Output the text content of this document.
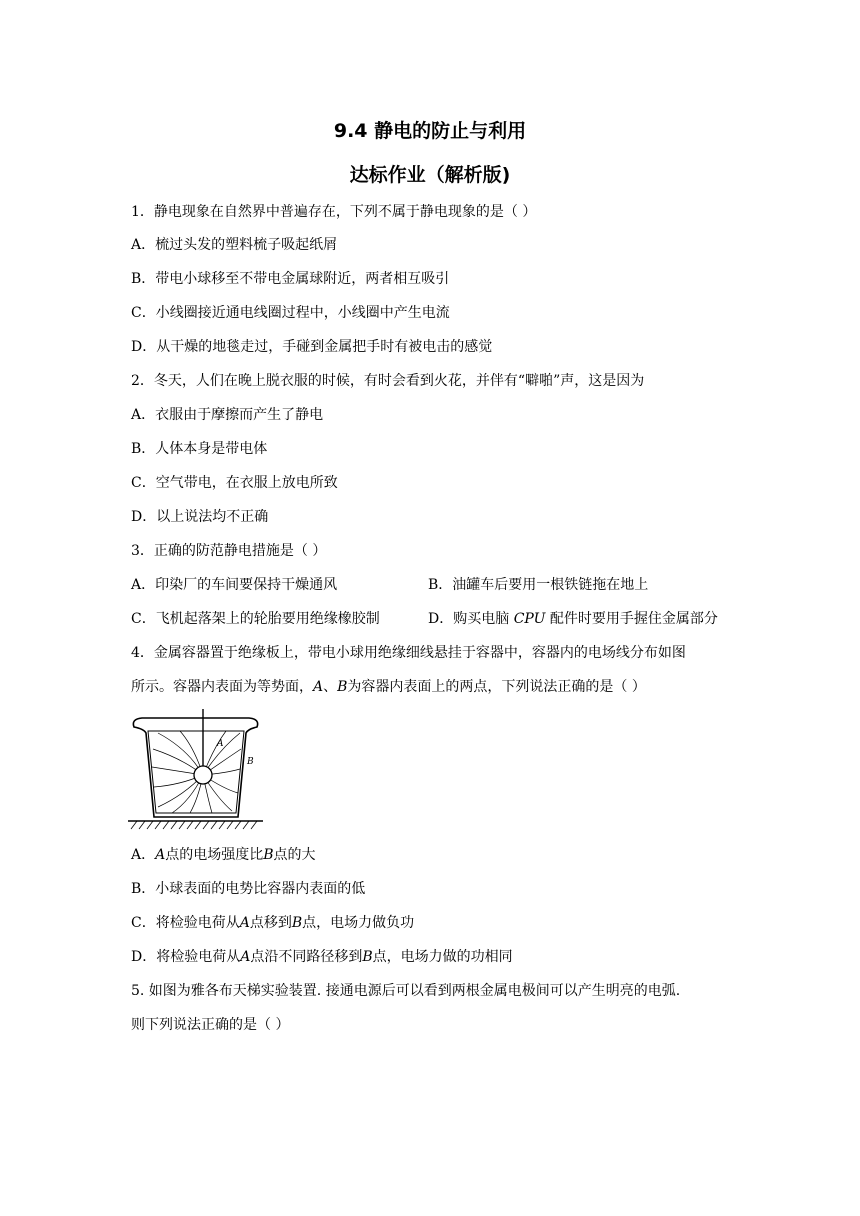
9.4 静电的防止与利用
达标作业（解析版)
1．静电现象在自然界中普遍存在，下列不属于静电现象的是（ ）
A．梳过头发的塑料梳子吸起纸屑
B．带电小球移至不带电金属球附近，两者相互吸引
C．小线圈接近通电线圈过程中，小线圈中产生电流
D．从干燥的地毯走过，手碰到金属把手时有被电击的感觉
2．冬天，人们在晚上脱衣服的时候，有时会看到火花，并伴有“噼啪”声，这是因为
A．衣服由于摩擦而产生了静电
B．人体本身是带电体
C．空气带电，在衣服上放电所致
D．以上说法均不正确
3．正确的防范静电措施是（ ）
A．印染厂的车间要保持干燥通风	B．油罐车后要用一根铁链拖在地上
C．飞机起落架上的轮胎要用绝缘橡胶制	D．购买电脑 CPU 配件时要用手握住金属部分
4．金属容器置于绝缘板上，带电小球用绝缘细线悬挂于容器中，容器内的电场线分布如图
所示。容器内表面为等势面，A、B为容器内表面上的两点，下列说法正确的是（ ）
A
B
A．A点的电场强度比B点的大
B．小球表面的电势比容器内表面的低
C．将检验电荷从A点移到B点，电场力做负功
D．将检验电荷从A点沿不同路径移到B点，电场力做的功相同
5. 如图为雅各布天梯实验装置. 接通电源后可以看到两根金属电极间可以产生明亮的电弧.
则下列说法正确的是（ ）
